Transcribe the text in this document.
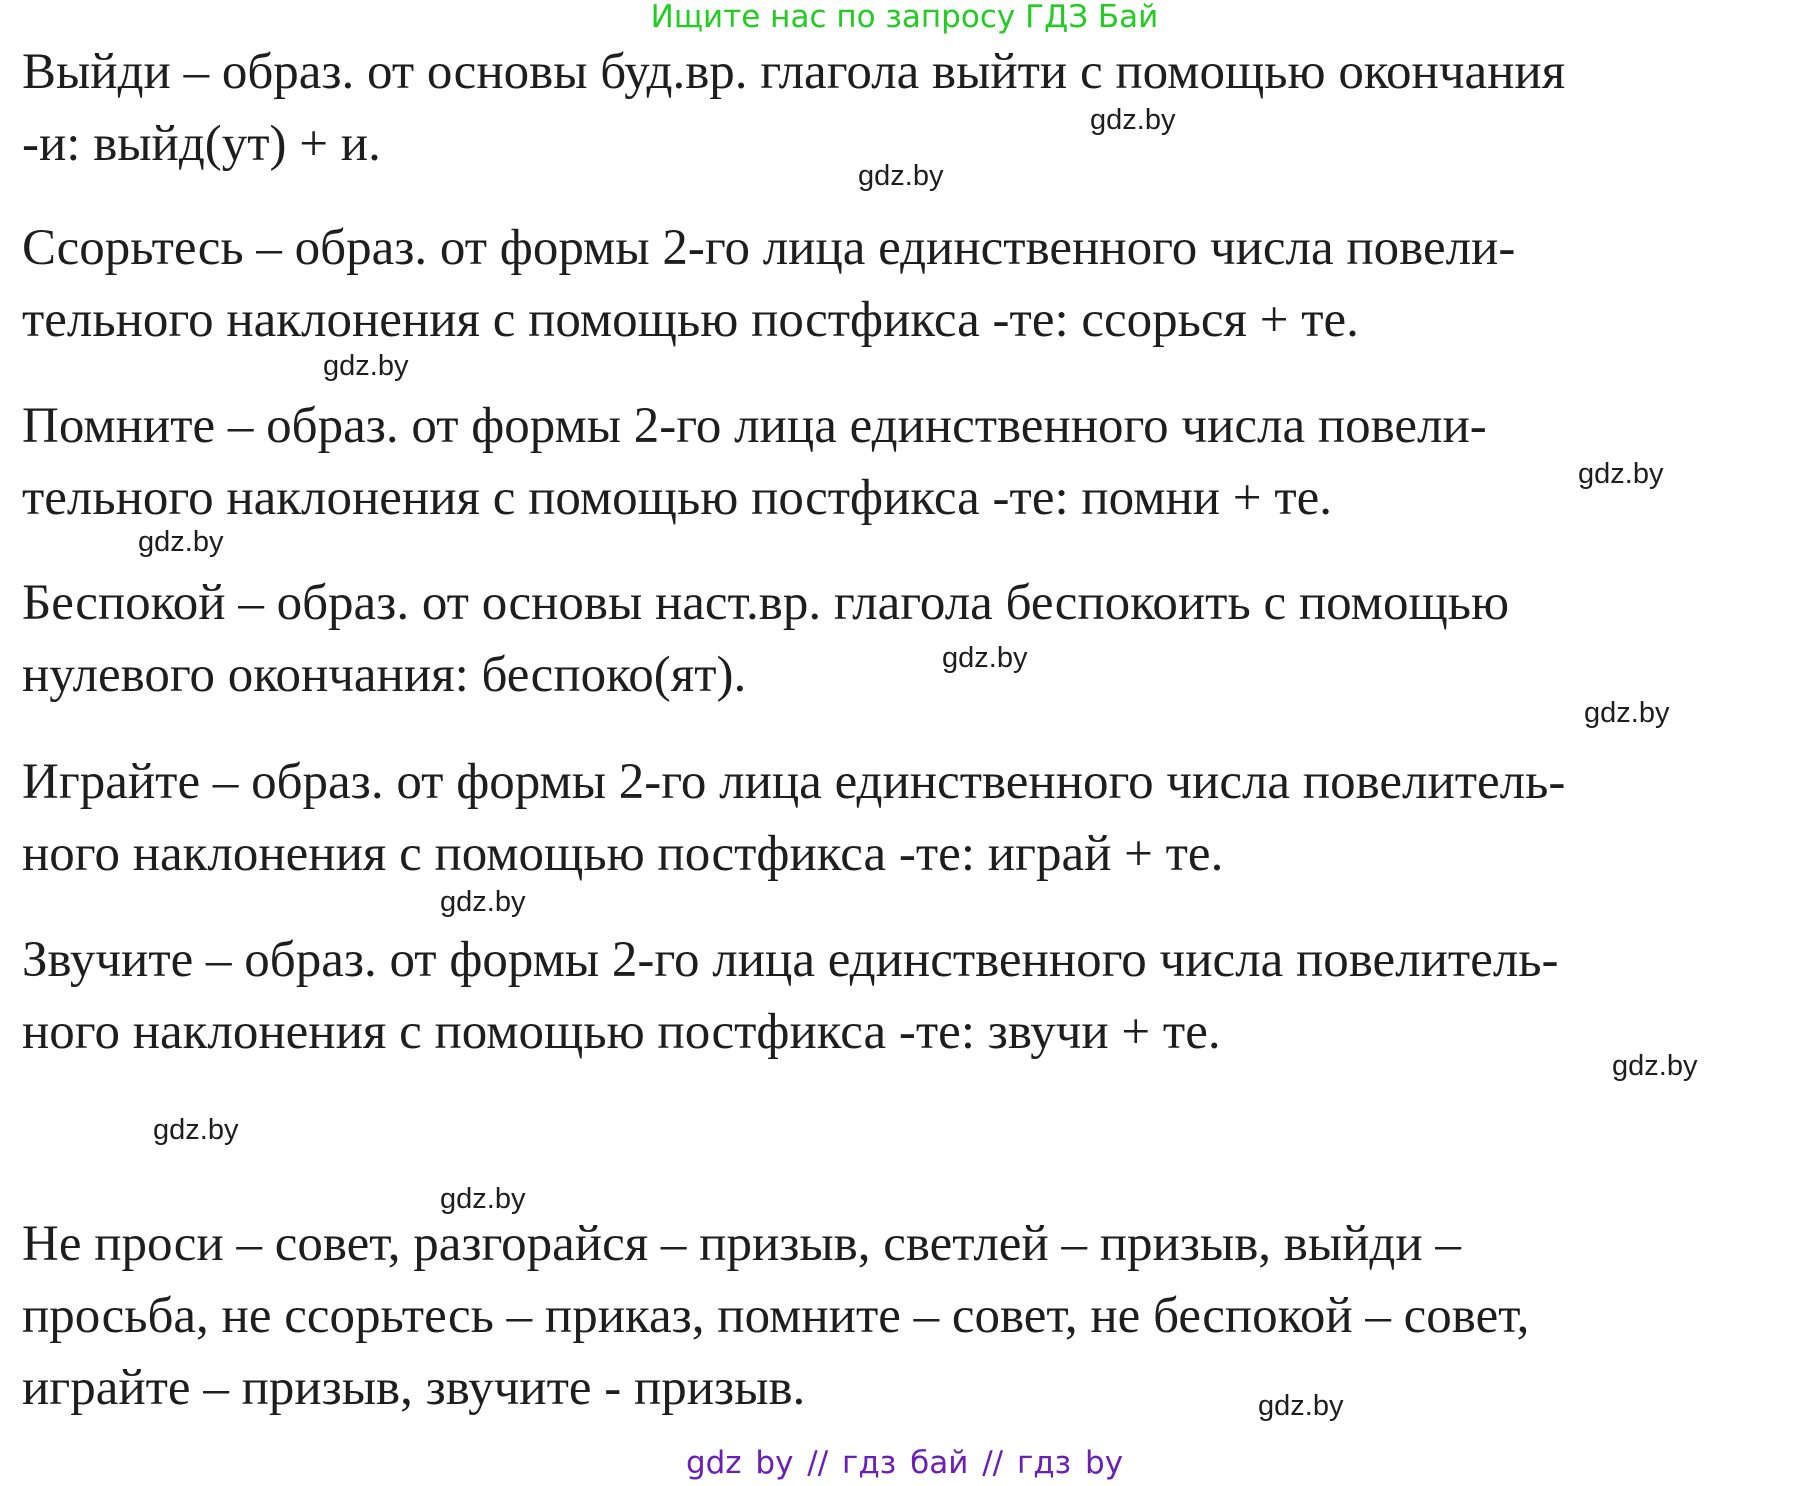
Ищите нас по запросу ГДЗ Бай
Выйди – образ. от основы буд.вр. глагола выйти с помощью окончания
-и: выйд(ут) + и.
Ссорьтесь – образ. от формы 2-го лица единственного числа повели-
тельного наклонения с помощью постфикса -те: ссорься + те.
Помните – образ. от формы 2-го лица единственного числа повели-
тельного наклонения с помощью постфикса -те: помни + те.
Беспокой – образ. от основы наст.вр. глагола беспокоить с помощью
нулевого окончания: беспоко(ят).
Играйте – образ. от формы 2-го лица единственного числа повелитель-
ного наклонения с помощью постфикса -те: играй + те.
Звучите – образ. от формы 2-го лица единственного числа повелитель-
ного наклонения с помощью постфикса -те: звучи + те.
Не проси – совет, разгорайся – призыв, светлей – призыв, выйди –
просьба, не ссорьтесь – приказ, помните – совет, не беспокой – совет,
играйте – призыв, звучите - призыв.
gdz.by
gdz.by
gdz.by
gdz.by
gdz.by
gdz.by
gdz.by
gdz.by
gdz.by
gdz.by
gdz.by
gdz.by
gdz by // гдз бай // гдз by
